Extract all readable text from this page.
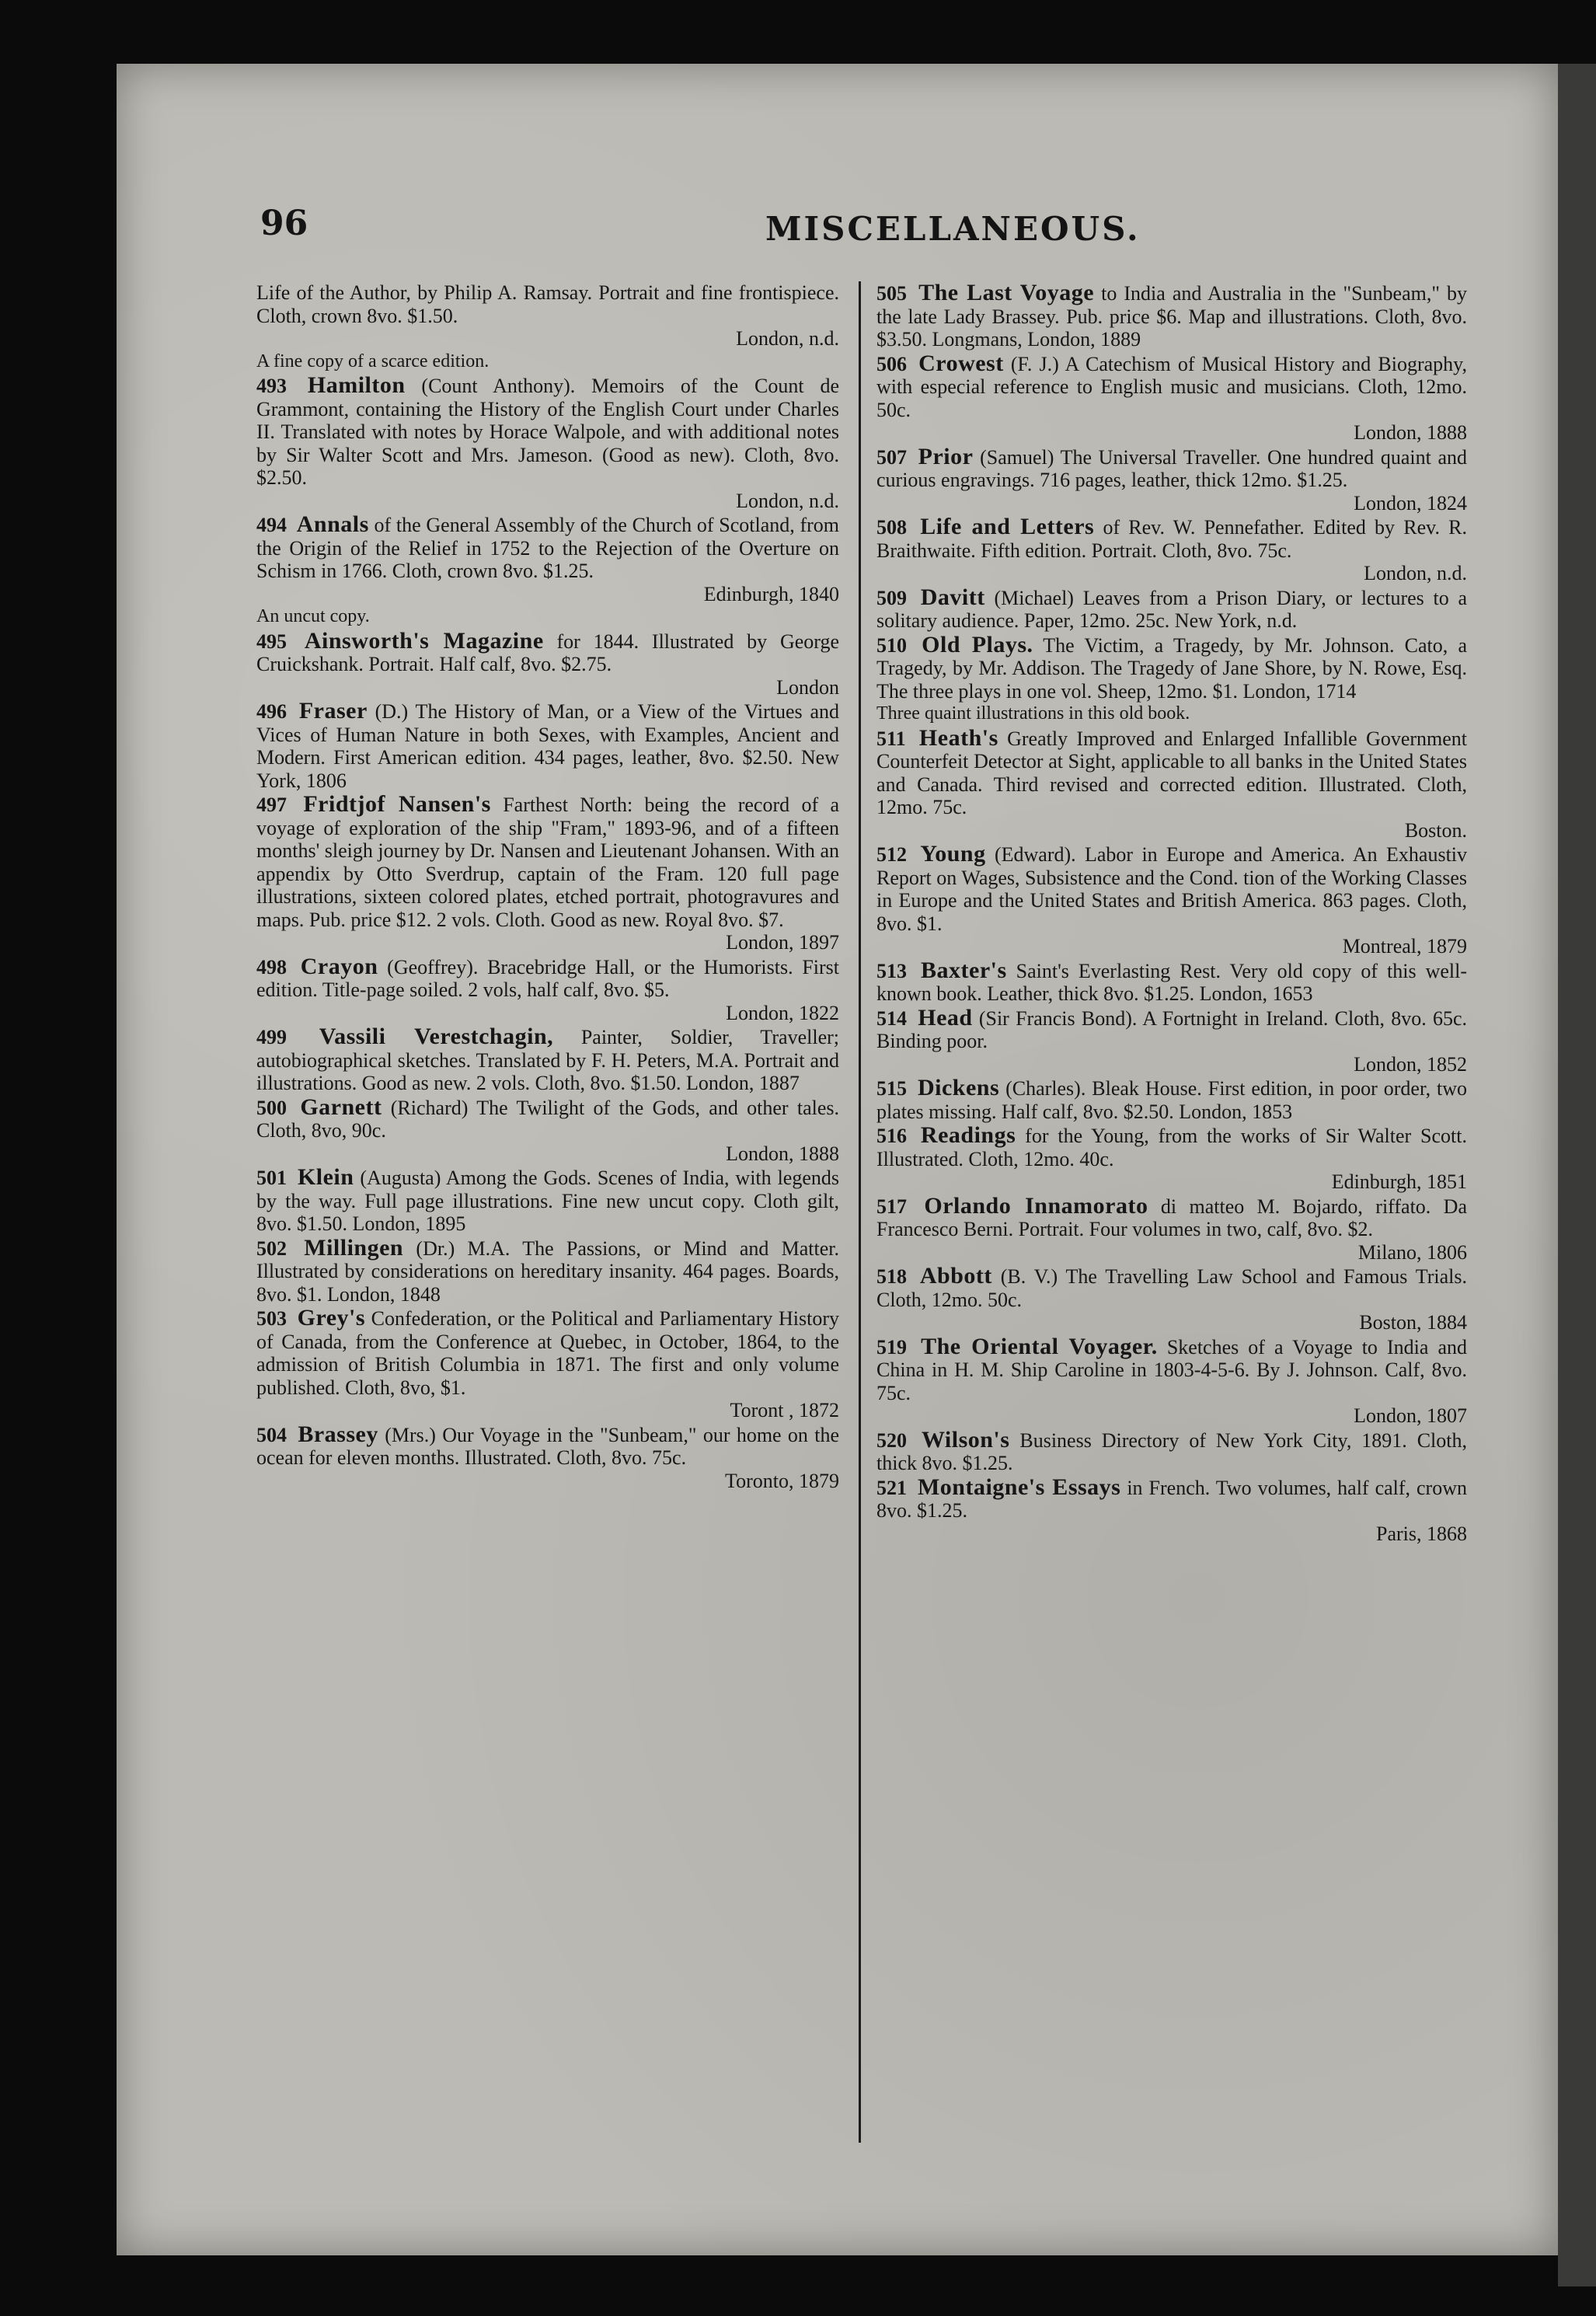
96	MISCELLANEOUS.
Life of the Author, by Philip A. Ramsay. Portrait and fine frontispiece. Cloth, crown 8vo. $1.50.
London, n.d.
A fine copy of a scarce edition.
493 Hamilton (Count Anthony). Memoirs of the Count de Grammont, containing the History of the English Court under Charles II. Translated with notes by Horace Walpole, and with additional notes by Sir Walter Scott and Mrs. Jameson. (Good as new). Cloth, 8vo. $2.50.
London, n.d.
494 Annals of the General Assembly of the Church of Scotland, from the Origin of the Relief in 1752 to the Rejection of the Overture on Schism in 1766. Cloth, crown 8vo. $1.25.
Edinburgh, 1840
An uncut copy.
495 Ainsworth's Magazine for 1844. Illustrated by George Cruickshank. Portrait. Half calf, 8vo. $2.75.
London
496 Fraser (D.) The History of Man, or a View of the Virtues and Vices of Human Nature in both Sexes, with Examples, Ancient and Modern. First American edition. 434 pages, leather, 8vo. $2.50. New York, 1806
497 Fridtjof Nansen's Farthest North: being the record of a voyage of exploration of the ship "Fram," 1893-96, and of a fifteen months' sleigh journey by Dr. Nansen and Lieutenant Johansen. With an appendix by Otto Sverdrup, captain of the Fram. 120 full page illustrations, sixteen colored plates, etched portrait, photogravures and maps. Pub. price $12. 2 vols. Cloth. Good as new. Royal 8vo. $7.
London, 1897
498 Crayon (Geoffrey). Bracebridge Hall, or the Humorists. First edition. Title-page soiled. 2 vols, half calf, 8vo. $5.
London, 1822
499 Vassili Verestchagin, Painter, Soldier, Traveller; autobiographical sketches. Translated by F. H. Peters, M.A. Portrait and illustrations. Good as new. 2 vols. Cloth, 8vo. $1.50. London, 1887
500 Garnett (Richard) The Twilight of the Gods, and other tales. Cloth, 8vo, 90c.
London, 1888
501 Klein (Augusta) Among the Gods. Scenes of India, with legends by the way. Full page illustrations. Fine new uncut copy. Cloth gilt, 8vo. $1.50. London, 1895
502 Millingen (Dr.) M.A. The Passions, or Mind and Matter. Illustrated by considerations on hereditary insanity. 464 pages. Boards, 8vo. $1. London, 1848
503 Grey's Confederation, or the Political and Parliamentary History of Canada, from the Conference at Quebec, in October, 1864, to the admission of British Columbia in 1871. The first and only volume published. Cloth, 8vo, $1.
Toront , 1872
504 Brassey (Mrs.) Our Voyage in the "Sunbeam," our home on the ocean for eleven months. Illustrated. Cloth, 8vo. 75c.
Toronto, 1879
505 The Last Voyage to India and Australia in the "Sunbeam," by the late Lady Brassey. Pub. price $6. Map and illustrations. Cloth, 8vo. $3.50. Longmans, London, 1889
506 Crowest (F. J.) A Catechism of Musical History and Biography, with especial reference to English music and musicians. Cloth, 12mo. 50c.
London, 1888
507 Prior (Samuel) The Universal Traveller. One hundred quaint and curious engravings. 716 pages, leather, thick 12mo. $1.25.
London, 1824
508 Life and Letters of Rev. W. Pennefather. Edited by Rev. R. Braithwaite. Fifth edition. Portrait. Cloth, 8vo. 75c.
London, n.d.
509 Davitt (Michael) Leaves from a Prison Diary, or lectures to a solitary audience. Paper, 12mo. 25c. New York, n.d.
510 Old Plays. The Victim, a Tragedy, by Mr. Johnson. Cato, a Tragedy, by Mr. Addison. The Tragedy of Jane Shore, by N. Rowe, Esq. The three plays in one vol. Sheep, 12mo. $1. London, 1714
Three quaint illustrations in this old book.
511 Heath's Greatly Improved and Enlarged Infallible Government Counterfeit Detector at Sight, applicable to all banks in the United States and Canada. Third revised and corrected edition. Illustrated. Cloth, 12mo. 75c.
Boston.
512 Young (Edward). Labor in Europe and America. An Exhaustiv Report on Wages, Subsistence and the Cond. tion of the Working Classes in Europe and the United States and British America. 863 pages. Cloth, 8vo. $1.
Montreal, 1879
513 Baxter's Saint's Everlasting Rest. Very old copy of this well-known book. Leather, thick 8vo. $1.25. London, 1653
514 Head (Sir Francis Bond). A Fortnight in Ireland. Cloth, 8vo. 65c. Binding poor.
London, 1852
515 Dickens (Charles). Bleak House. First edition, in poor order, two plates missing. Half calf, 8vo. $2.50. London, 1853
516 Readings for the Young, from the works of Sir Walter Scott. Illustrated. Cloth, 12mo. 40c.
Edinburgh, 1851
517 Orlando Innamorato di matteo M. Bojardo, riffato. Da Francesco Berni. Portrait. Four volumes in two, calf, 8vo. $2.
Milano, 1806
518 Abbott (B. V.) The Travelling Law School and Famous Trials. Cloth, 12mo. 50c.
Boston, 1884
519 The Oriental Voyager. Sketches of a Voyage to India and China in H. M. Ship Caroline in 1803-4-5-6. By J. Johnson. Calf, 8vo. 75c.
London, 1807
520 Wilson's Business Directory of New York City, 1891. Cloth, thick 8vo. $1.25.
521 Montaigne's Essays in French. Two volumes, half calf, crown 8vo. $1.25.
Paris, 1868
